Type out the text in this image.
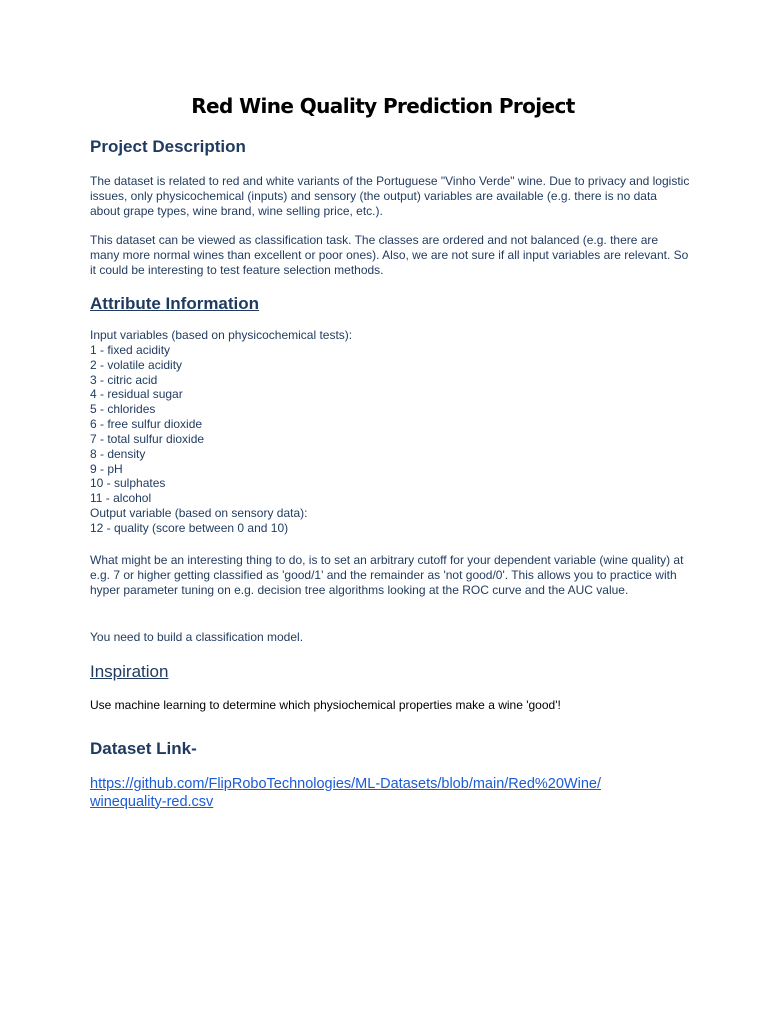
Red Wine Quality Prediction Project
Project Description

The dataset is related to red and white variants of the Portuguese "Vinho Verde" wine. Due to privacy and logistic issues, only physicochemical (inputs) and sensory (the output) variables are available (e.g. there is no data about grape types, wine brand, wine selling price, etc.).

This dataset can be viewed as classification task. The classes are ordered and not balanced (e.g. there are many more normal wines than excellent or poor ones). Also, we are not sure if all input variables are relevant. So it could be interesting to test feature selection methods.

Attribute Information
Input variables (based on physicochemical tests):
1 - fixed acidity
2 - volatile acidity
3 - citric acid
4 - residual sugar
5 - chlorides
6 - free sulfur dioxide
7 - total sulfur dioxide
8 - density
9 - pH
10 - sulphates
11 - alcohol
Output variable (based on sensory data):
12 - quality (score between 0 and 10)

What might be an interesting thing to do, is to set an arbitrary cutoff for your dependent variable (wine quality) at e.g. 7 or higher getting classified as 'good/1' and the remainder as 'not good/0'. This allows you to practice with hyper parameter tuning on e.g. decision tree algorithms looking at the ROC curve and the AUC value.

You need to build a classification model.

Inspiration

Use machine learning to determine which physiochemical properties make a wine 'good'!

Dataset Link-
https://github.com/FlipRoboTechnologies/ML-Datasets/blob/main/Red%20Wine/
winequality-red.csv
